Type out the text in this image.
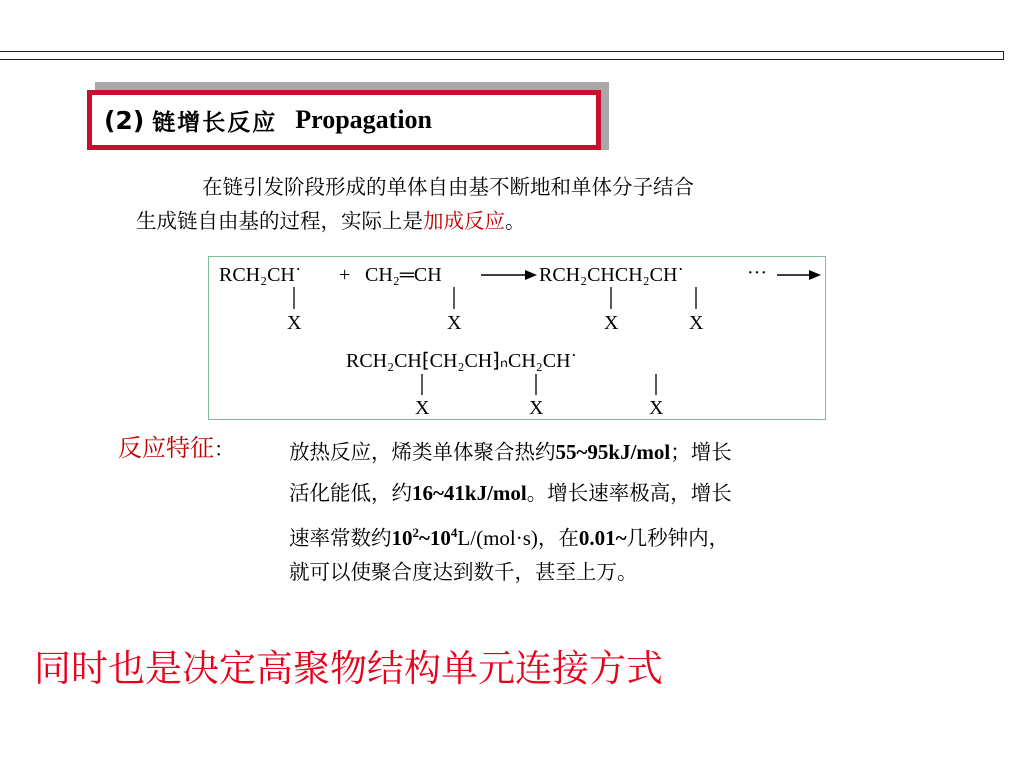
(2) 链增长反应 Propagation
在链引发阶段形成的单体自由基不断地和单体分子结合
生成链自由基的过程，实际上是加成反应。
RCH₂CH˙ + CH₂═CH	RCH₂CHCH₂CH˙	···
X	X	X	X
RCH₂CH⁅CH₂CH⁆ₙCH₂CH˙
X	X	X
反应特征：	放热反应，烯类单体聚合热约55~95kJ/mol；增长
活化能低，约16~41kJ/mol。增长速率极高，增长
速率常数约$10^2\sim 10^4L/(mol\cdot s)$，在0.01~几秒钟内，
就可以使聚合度达到数千，甚至上万。
同时也是决定高聚物结构单元连接方式
